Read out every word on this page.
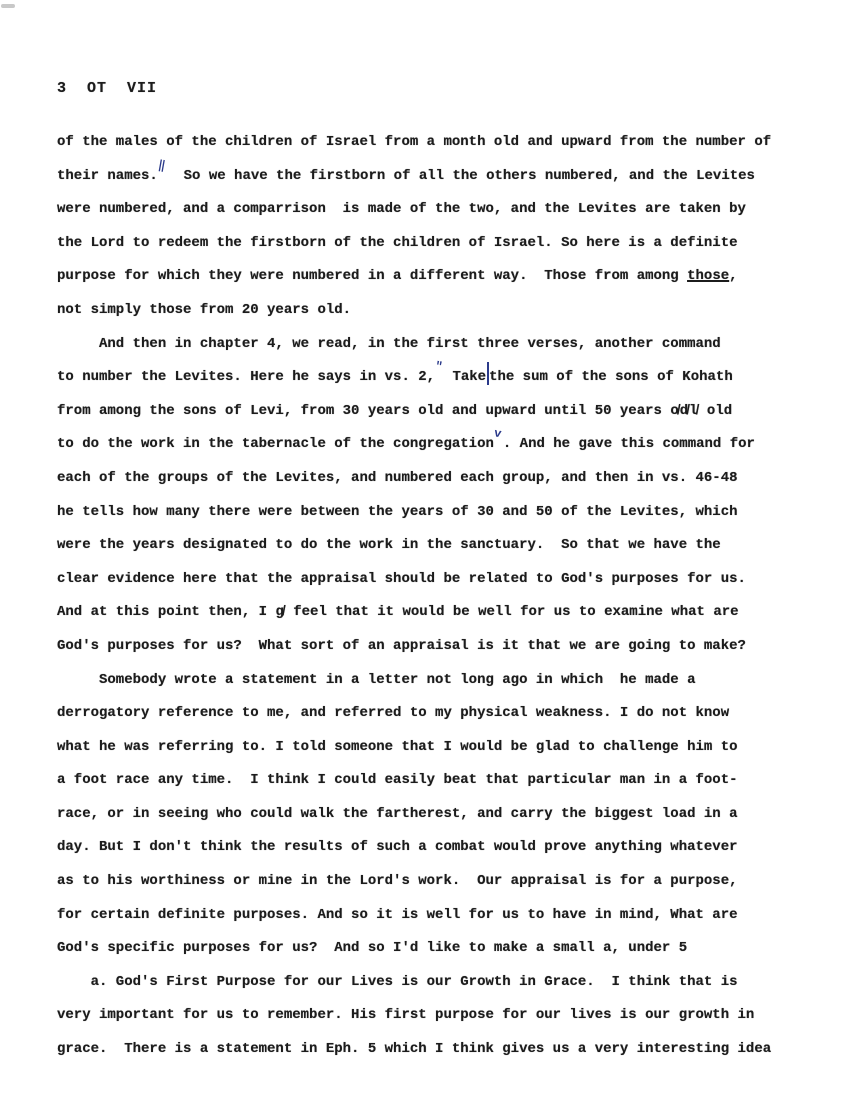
3  OT  VII
of the males of the children of Israel from a month old and upward from the number of
their names.‖  So we have the firstborn of all the others numbered, and the Levites
were numbered, and a comparrison  is made of the two, and the Levites are taken by
the Lord to redeem the firstborn of the children of Israel. So here is a definite
purpose for which they were numbered in a different way.  Those from among those,
not simply those from 20 years old.
And then in chapter 4, we read, in the first three verses, another command
to number the Levites. Here he says in vs. 2," Take the sum of the sons of Kohath
from among the sons of Levi, from 30 years old and upward until 50 years o̸d̸l̸ old
to do the work in the tabernacle of the congregationv. And he gave this command for
each of the groups of the Levites, and numbered each group, and then in vs. 46-48
he tells how many there were between the years of 30 and 50 of the Levites, which
were the years designated to do the work in the sanctuary.  So that we have the
clear evidence here that the appraisal should be related to God's purposes for us.
And at this point then, I g̸ feel that it would be well for us to examine what are
God's purposes for us?  What sort of an appraisal is it that we are going to make?
Somebody wrote a statement in a letter not long ago in which  he made a
derrogatory reference to me, and referred to my physical weakness. I do not know
what he was referring to. I told someone that I would be glad to challenge him to
a foot race any time.  I think I could easily beat that particular man in a foot-
race, or in seeing who could walk the fartherest, and carry the biggest load in a
day. But I don't think the results of such a combat would prove anything whatever
as to his worthiness or mine in the Lord's work.  Our appraisal is for a purpose,
for certain definite purposes. And so it is well for us to have in mind, What are
God's specific purposes for us?  And so I'd like to make a small a, under 5
a. God's First Purpose for our Lives is our Growth in Grace.  I think that is
very important for us to remember. His first purpose for our lives is our growth in
grace.  There is a statement in Eph. 5 which I think gives us a very interesting idea
